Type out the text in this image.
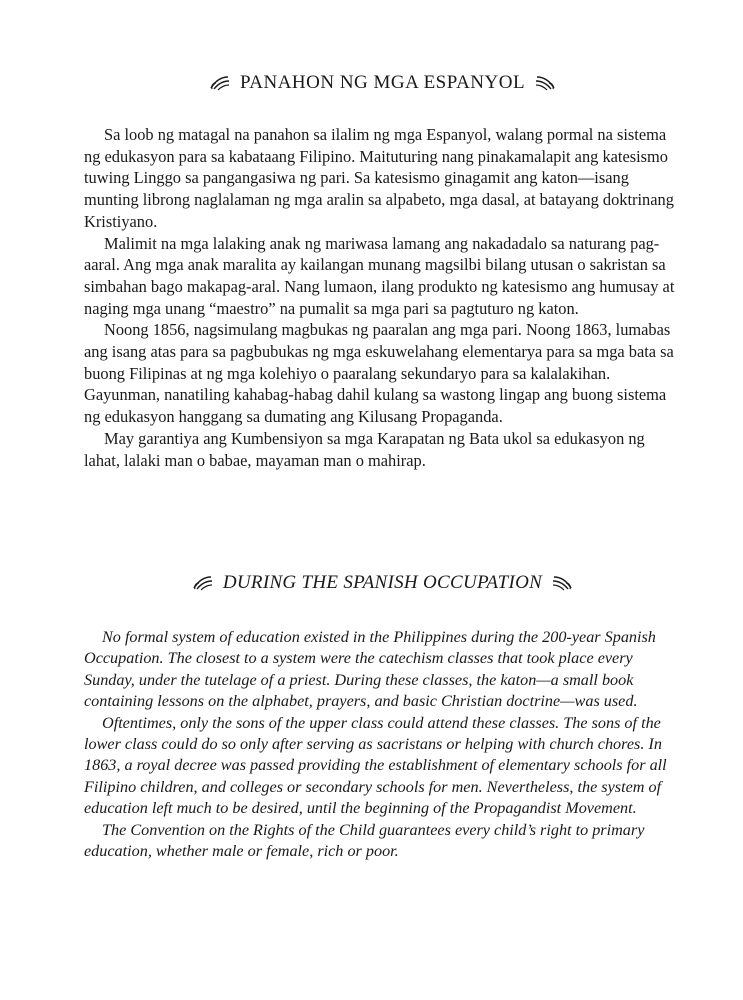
PANAHON NG MGA ESPANYOL

Sa loob ng matagal na panahon sa ilalim ng mga Espanyol, walang pormal na sistema ng edukasyon para sa kabataang Filipino. Maituturing nang pinakamalapit ang katesismo tuwing Linggo sa pangangasiwa ng pari. Sa katesismo ginagamit ang katon—isang munting librong naglalaman ng mga aralin sa alpabeto, mga dasal, at batayang doktrinang Kristiyano.

Malimit na mga lalaking anak ng mariwasa lamang ang nakadadalo sa naturang pag-aaral. Ang mga anak maralita ay kailangan munang magsilbi bilang utusan o sakristan sa simbahan bago makapag-aral. Nang lumaon, ilang produkto ng katesismo ang humusay at naging mga unang “maestro” na pumalit sa mga pari sa pagtuturo ng katon.

Noong 1856, nagsimulang magbukas ng paaralan ang mga pari. Noong 1863, lumabas ang isang atas para sa pagbubukas ng mga eskuwelahang elementarya para sa mga bata sa buong Filipinas at ng mga kolehiyo o paaralang sekundaryo para sa kalalakihan. Gayunman, nanatiling kahabag-habag dahil kulang sa wastong lingap ang buong sistema ng edukasyon hanggang sa dumating ang Kilusang Propaganda.

May garantiya ang Kumbensiyon sa mga Karapatan ng Bata ukol sa edukasyon ng lahat, lalaki man o babae, mayaman man o mahirap.

DURING THE SPANISH OCCUPATION

No formal system of education existed in the Philippines during the 200-year Spanish Occupation. The closest to a system were the catechism classes that took place every Sunday, under the tutelage of a priest. During these classes, the katon—a small book containing lessons on the alphabet, prayers, and basic Christian doctrine—was used.

Oftentimes, only the sons of the upper class could attend these classes. The sons of the lower class could do so only after serving as sacristans or helping with church chores. In 1863, a royal decree was passed providing the establishment of elementary schools for all Filipino children, and colleges or secondary schools for men. Nevertheless, the system of education left much to be desired, until the beginning of the Propagandist Movement.

The Convention on the Rights of the Child guarantees every child’s right to primary education, whether male or female, rich or poor.
